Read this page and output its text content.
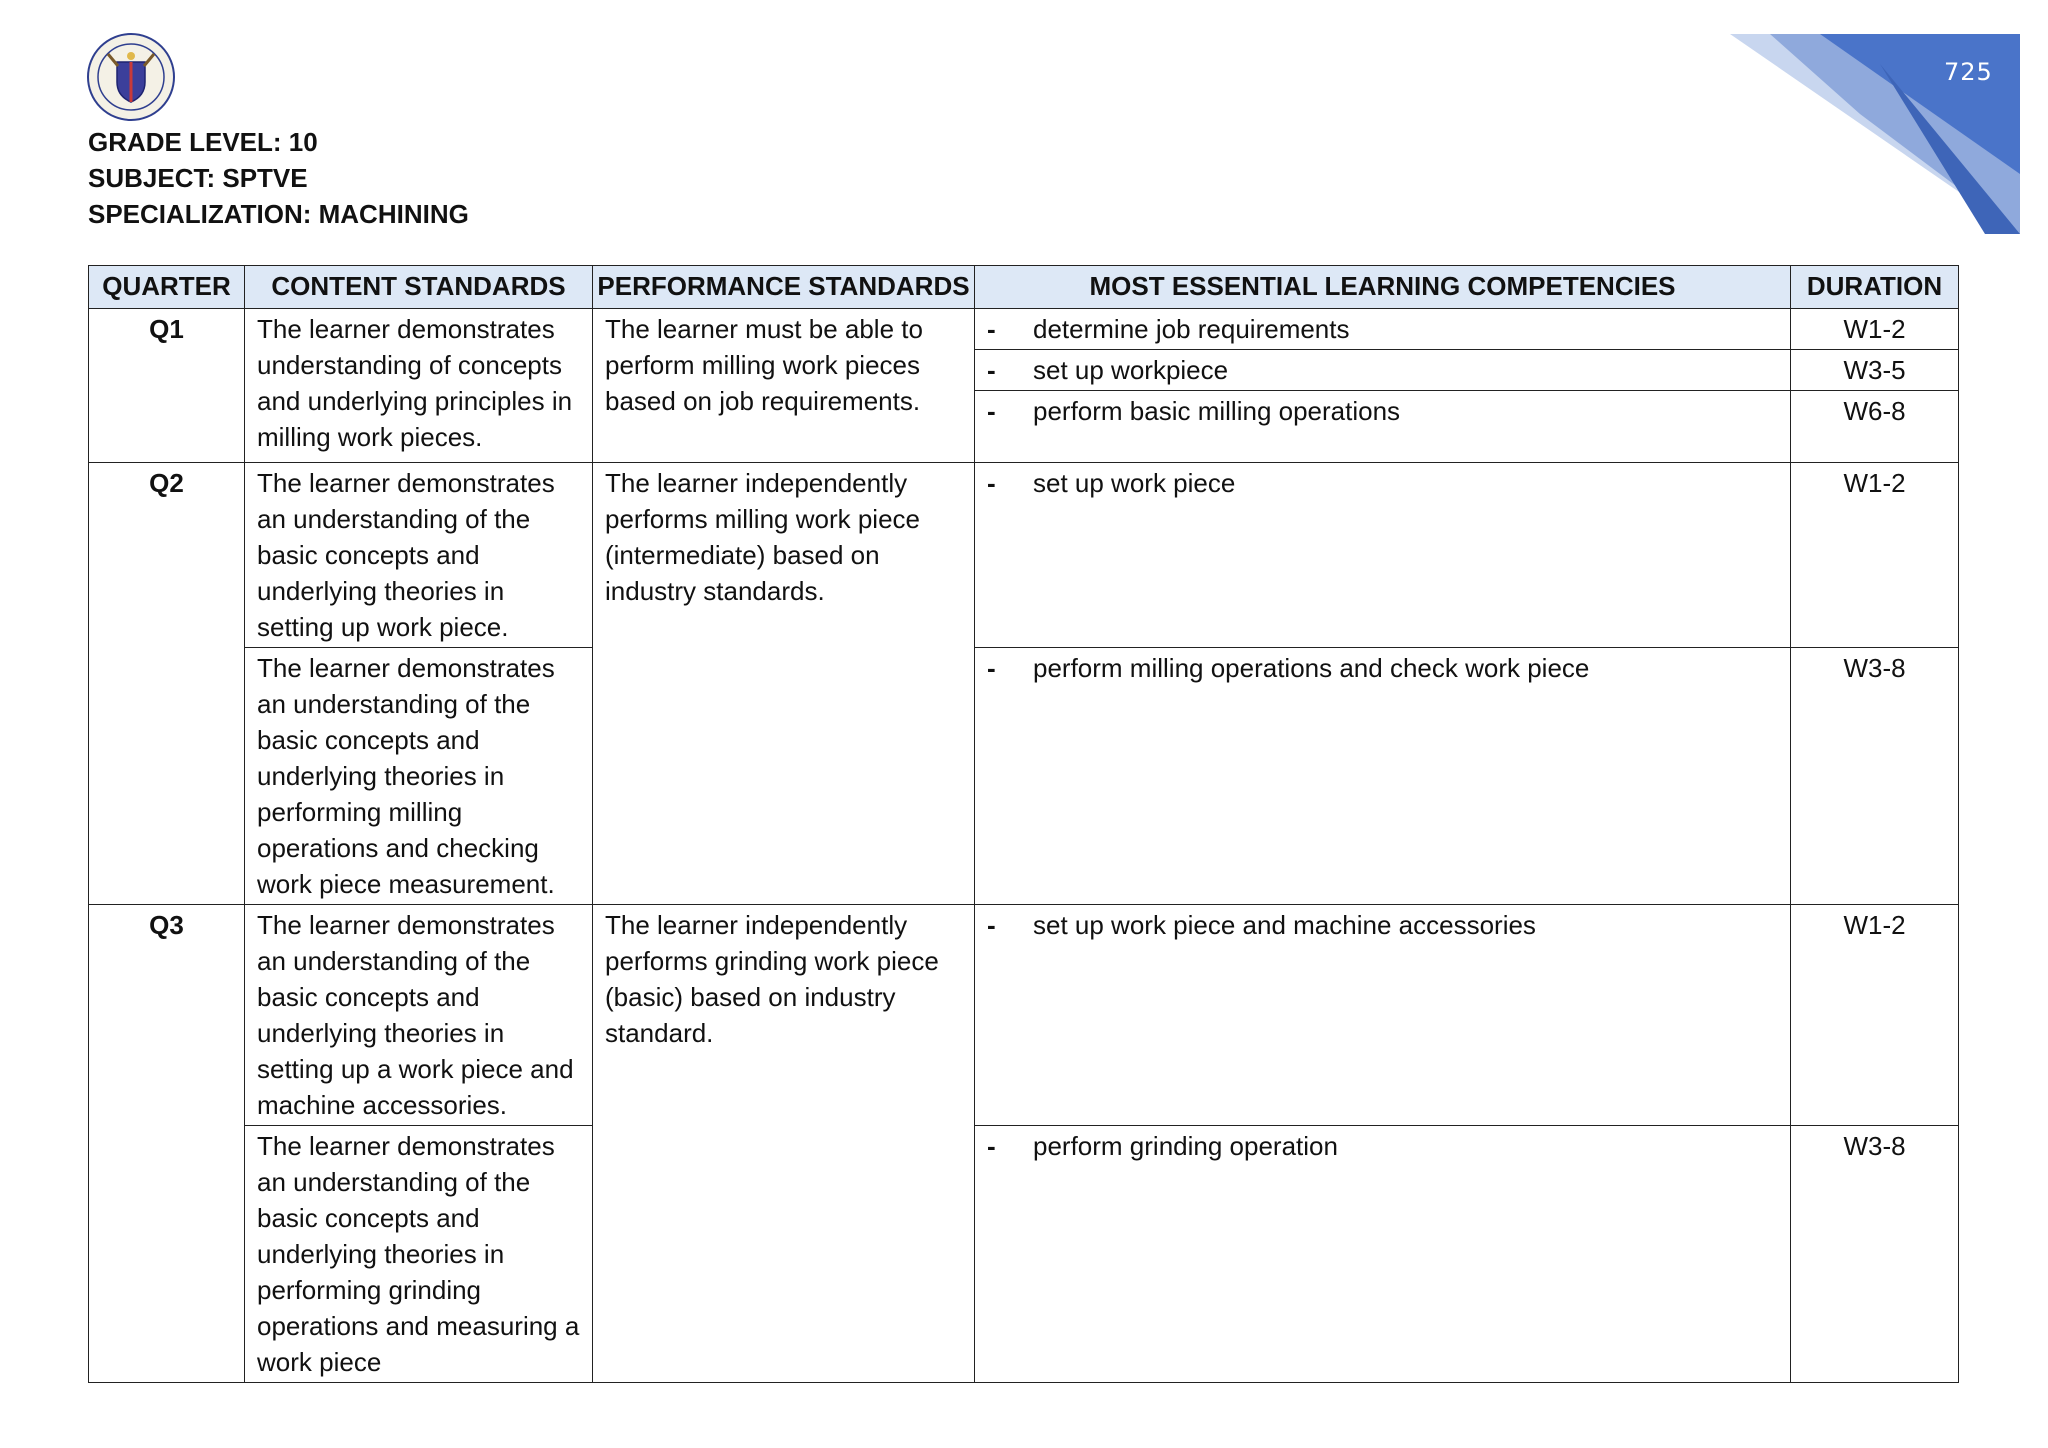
725
GRADE LEVEL: 10
SUBJECT: SPTVE
SPECIALIZATION: MACHINING
QUARTER	CONTENT STANDARDS	PERFORMANCE STANDARDS	MOST ESSENTIAL LEARNING COMPETENCIES	DURATION
Q1	The learner demonstrates understanding of concepts and underlying principles in milling work pieces.	The learner must be able to perform milling work pieces based on job requirements.	- determine job requirements	W1-2
			- set up workpiece	W3-5
			- perform basic milling operations	W6-8
Q2	The learner demonstrates an understanding of the basic concepts and underlying theories in setting up work piece.	The learner independently performs milling work piece (intermediate) based on industry standards.	- set up work piece	W1-2
	The learner demonstrates an understanding of the basic concepts and underlying theories in performing milling operations and checking work piece measurement.		- perform milling operations and check work piece	W3-8
Q3	The learner demonstrates an understanding of the basic concepts and underlying theories in setting up a work piece and machine accessories.	The learner independently performs grinding work piece (basic) based on industry standard.	- set up work piece and machine accessories	W1-2
	The learner demonstrates an understanding of the basic concepts and underlying theories in performing grinding operations and measuring a work piece		- perform grinding operation	W3-8
